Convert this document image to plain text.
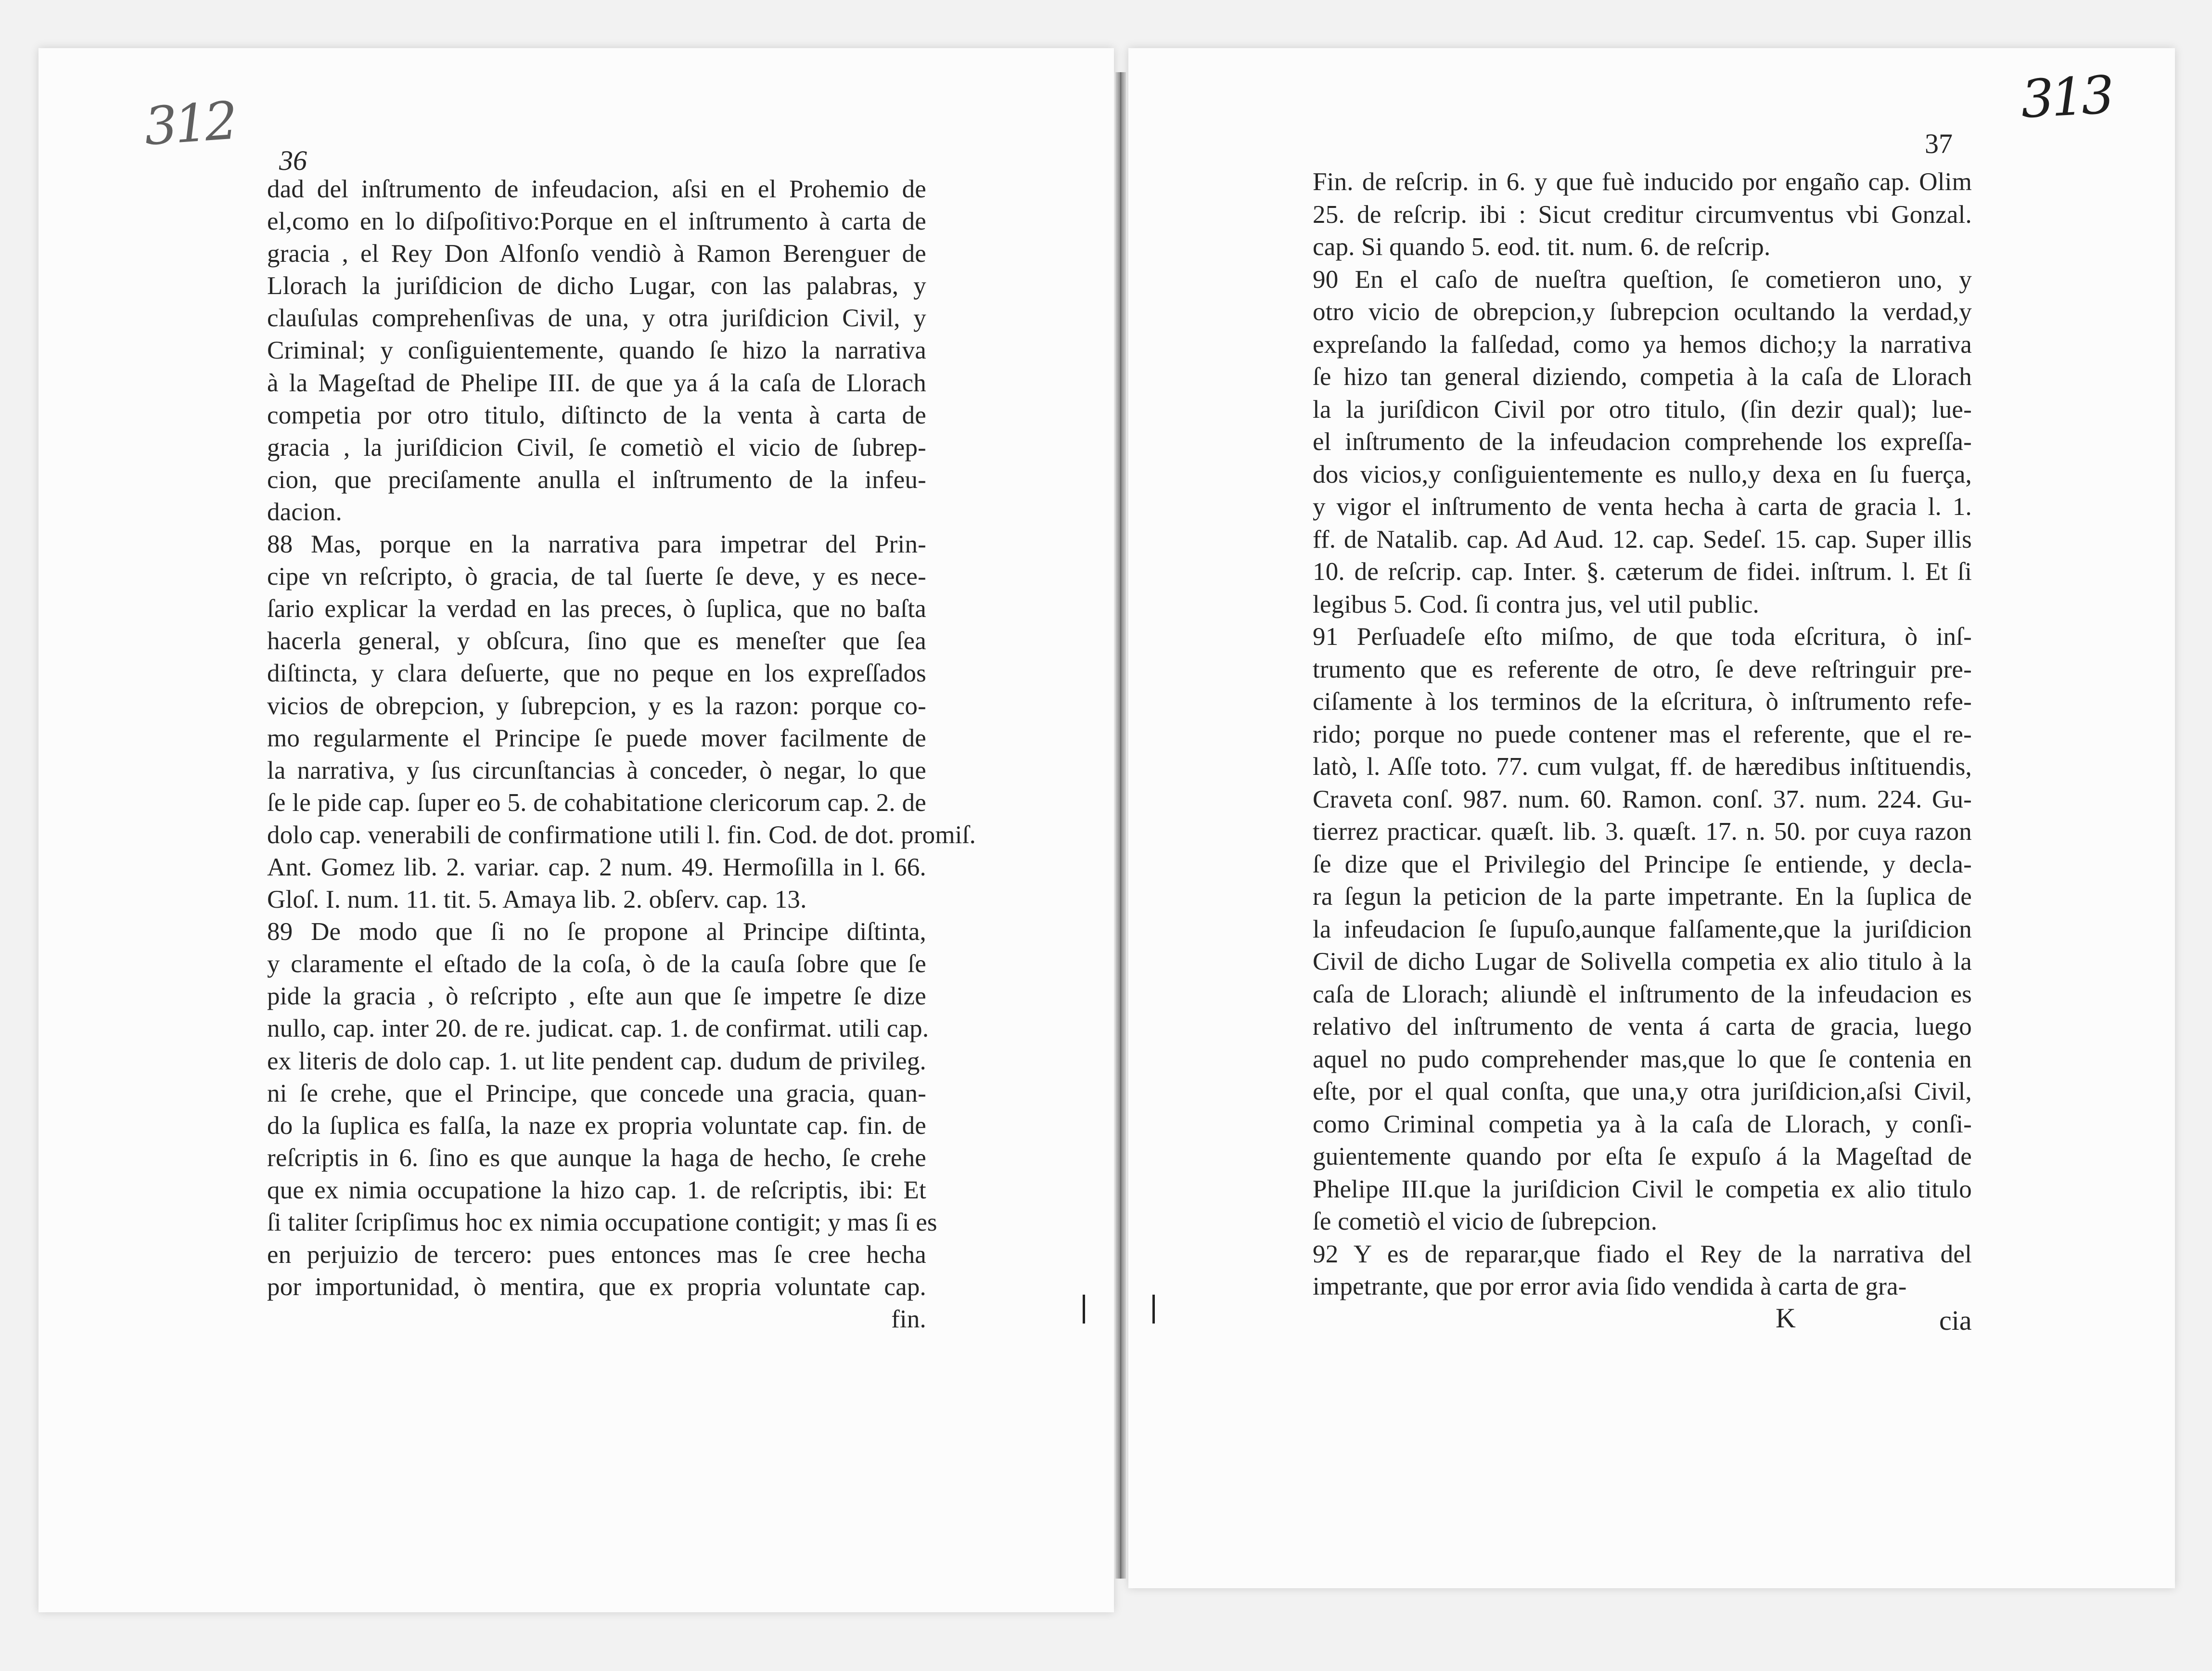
312	313
36
37
dad del inſtrumento de infeudacion, aſsi en el Prohemio de
el,como en lo diſpoſitivo:Porque en el inſtrumento à carta de
gracia , el Rey Don Alfonſo vendiò à Ramon Berenguer de
Llorach la juriſdicion de dicho Lugar, con las palabras, y
clauſulas comprehenſivas de una, y otra juriſdicion Civil, y
Criminal; y conſiguientemente, quando ſe hizo la narrativa
à la Mageſtad de Phelipe III. de que ya á la caſa de Llorach
competia por otro titulo, diſtincto de la venta à carta de
gracia , la juriſdicion Civil, ſe cometiò el vicio de ſubrep-
cion, que preciſamente anulla el inſtrumento de la infeu-
dacion.
88 Mas, porque en la narrativa para impetrar del Prin-
cipe vn reſcripto, ò gracia, de tal ſuerte ſe deve, y es nece-
ſario explicar la verdad en las preces, ò ſuplica, que no baſta
hacerla general, y obſcura, ſino que es meneſter que ſea
diſtincta, y clara deſuerte, que no peque en los expreſſados
vicios de obrepcion, y ſubrepcion, y es la razon: porque co-
mo regularmente el Principe ſe puede mover facilmente de
la narrativa, y ſus circunſtancias à conceder, ò negar, lo que
ſe le pide cap. ſuper eo 5. de cohabitatione clericorum cap. 2. de
dolo cap. venerabili de confirmatione utili l. fin. Cod. de dot. promiſ.
Ant. Gomez lib. 2. variar. cap. 2 num. 49. Hermoſilla in l. 66.
Gloſ. I. num. 11. tit. 5. Amaya lib. 2. obſerv. cap. 13.
89 De modo que ſi no ſe propone al Principe diſtinta,
y claramente el eſtado de la coſa, ò de la cauſa ſobre que ſe
pide la gracia , ò reſcripto , eſte aun que ſe impetre ſe dize
nullo, cap. inter 20. de re. judicat. cap. 1. de confirmat. utili cap.
ex literis de dolo cap. 1. ut lite pendent cap. dudum de privileg.
ni ſe crehe, que el Principe, que concede una gracia, quan-
do la ſuplica es falſa, la naze ex propria voluntate cap. fin. de
reſcriptis in 6. ſino es que aunque la haga de hecho, ſe crehe
que ex nimia occupatione la hizo cap. 1. de reſcriptis, ibi: Et
ſi taliter ſcripſimus hoc ex nimia occupatione contigit; y mas ſi es
en perjuizio de tercero: pues entonces mas ſe cree hecha
por importunidad, ò mentira, que ex propria voluntate cap.
fin.
Fin. de reſcrip. in 6. y que fuè inducido por engaño cap. Olim
25. de reſcrip. ibi : Sicut creditur circumventus vbi Gonzal.
cap. Si quando 5. eod. tit. num. 6. de reſcrip.
90 En el caſo de nueſtra queſtion, ſe cometieron uno, y
otro vicio de obrepcion,y ſubrepcion ocultando la verdad,y
expreſando la falſedad, como ya hemos dicho;y la narrativa
ſe hizo tan general diziendo, competia à la caſa de Llorach
la la juriſdicon Civil por otro titulo, (ſin dezir qual); lue-
el inſtrumento de la infeudacion comprehende los expreſſa-
dos vicios,y conſiguientemente es nullo,y dexa en ſu fuerça,
y vigor el inſtrumento de venta hecha à carta de gracia l. 1.
ff. de Natalib. cap. Ad Aud. 12. cap. Sedeſ. 15. cap. Super illis
10. de reſcrip. cap. Inter. §. cæterum de fidei. inſtrum. l. Et ſi
legibus 5. Cod. ſi contra jus, vel util public.
91 Perſuadeſe eſto miſmo, de que toda eſcritura, ò inſ-
trumento que es referente de otro, ſe deve reſtringuir pre-
ciſamente à los terminos de la eſcritura, ò inſtrumento refe-
rido; porque no puede contener mas el referente, que el re-
latò, l. Aſſe toto. 77. cum vulgat, ff. de hæredibus inſtituendis,
Craveta conſ. 987. num. 60. Ramon. conſ. 37. num. 224. Gu-
tierrez practicar. quæſt. lib. 3. quæſt. 17. n. 50. por cuya razon
ſe dize que el Privilegio del Principe ſe entiende, y decla-
ra ſegun la peticion de la parte impetrante. En la ſuplica de
la infeudacion ſe ſupuſo,aunque falſamente,que la juriſdicion
Civil de dicho Lugar de Solivella competia ex alio titulo à la
caſa de Llorach; aliundè el inſtrumento de la infeudacion es
relativo del inſtrumento de venta á carta de gracia, luego
aquel no pudo comprehender mas,que lo que ſe contenia en
eſte, por el qual conſta, que una,y otra juriſdicion,aſsi Civil,
como Criminal competia ya à la caſa de Llorach, y conſi-
guientemente quando por eſta ſe expuſo á la Mageſtad de
Phelipe III.que la juriſdicion Civil le competia ex alio titulo
ſe cometiò el vicio de ſubrepcion.
92 Y es de reparar,que fiado el Rey de la narrativa del
impetrante, que por error avia ſido vendida à carta de gra-
K	cia
